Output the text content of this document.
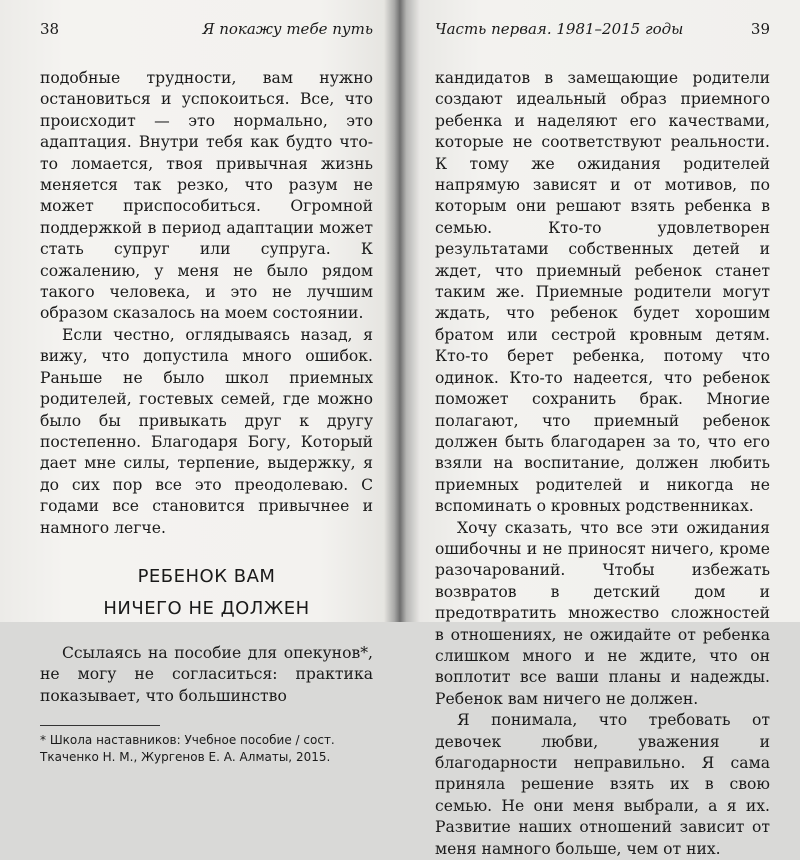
38	Я покажу тебе путь

подобные трудности, вам нужно остановиться и успокоиться. Все, что происходит — это нормально, это адаптация. Внутри тебя как будто что-то ломается, твоя привычная жизнь меняется так резко, что разум не может приспособиться. Огромной поддержкой в период адаптации может стать супруг или супруга. К сожалению, у меня не было рядом такого человека, и это не лучшим образом сказалось на моем состоянии.

Если честно, оглядываясь назад, я вижу, что допустила много ошибок. Раньше не было школ приемных родителей, гостевых семей, где можно было бы привыкать друг к другу постепенно. Благодаря Богу, Который дает мне силы, терпение, выдержку, я до сих пор все это преодолеваю. С годами все становится привычнее и намного легче.

РЕБЕНОК ВАМ
НИЧЕГО НЕ ДОЛЖЕН

Ссылаясь на пособие для опекунов*, не могу не согласиться: практика показывает, что большинство

* Школа наставников: Учебное пособие / сост. Ткаченко Н. М., Жургенов Е. А. Алматы, 2015.
Часть первая. 1981–2015 годы	39

кандидатов в замещающие родители создают идеальный образ приемного ребенка и наделяют его качествами, которые не соответствуют реальности. К тому же ожидания родителей напрямую зависят и от мотивов, по которым они решают взять ребенка в семью. Кто-то удовлетворен результатами собственных детей и ждет, что приемный ребенок станет таким же. Приемные родители могут ждать, что ребенок будет хорошим братом или сестрой кровным детям. Кто-то берет ребенка, потому что одинок. Кто-то надеется, что ребенок поможет сохранить брак. Многие полагают, что приемный ребенок должен быть благодарен за то, что его взяли на воспитание, должен любить приемных родителей и никогда не вспоминать о кровных родственниках.

Хочу сказать, что все эти ожидания ошибочны и не приносят ничего, кроме разочарований. Чтобы избежать возвратов в детский дом и предотвратить множество сложностей в отношениях, не ожидайте от ребенка слишком много и не ждите, что он воплотит все ваши планы и надежды. Ребенок вам ничего не должен.

Я понимала, что требовать от девочек любви, уважения и благодарности неправильно. Я сама приняла решение взять их в свою семью. Не они меня выбрали, а я их. Развитие наших отношений зависит от меня намного больше, чем от них.
